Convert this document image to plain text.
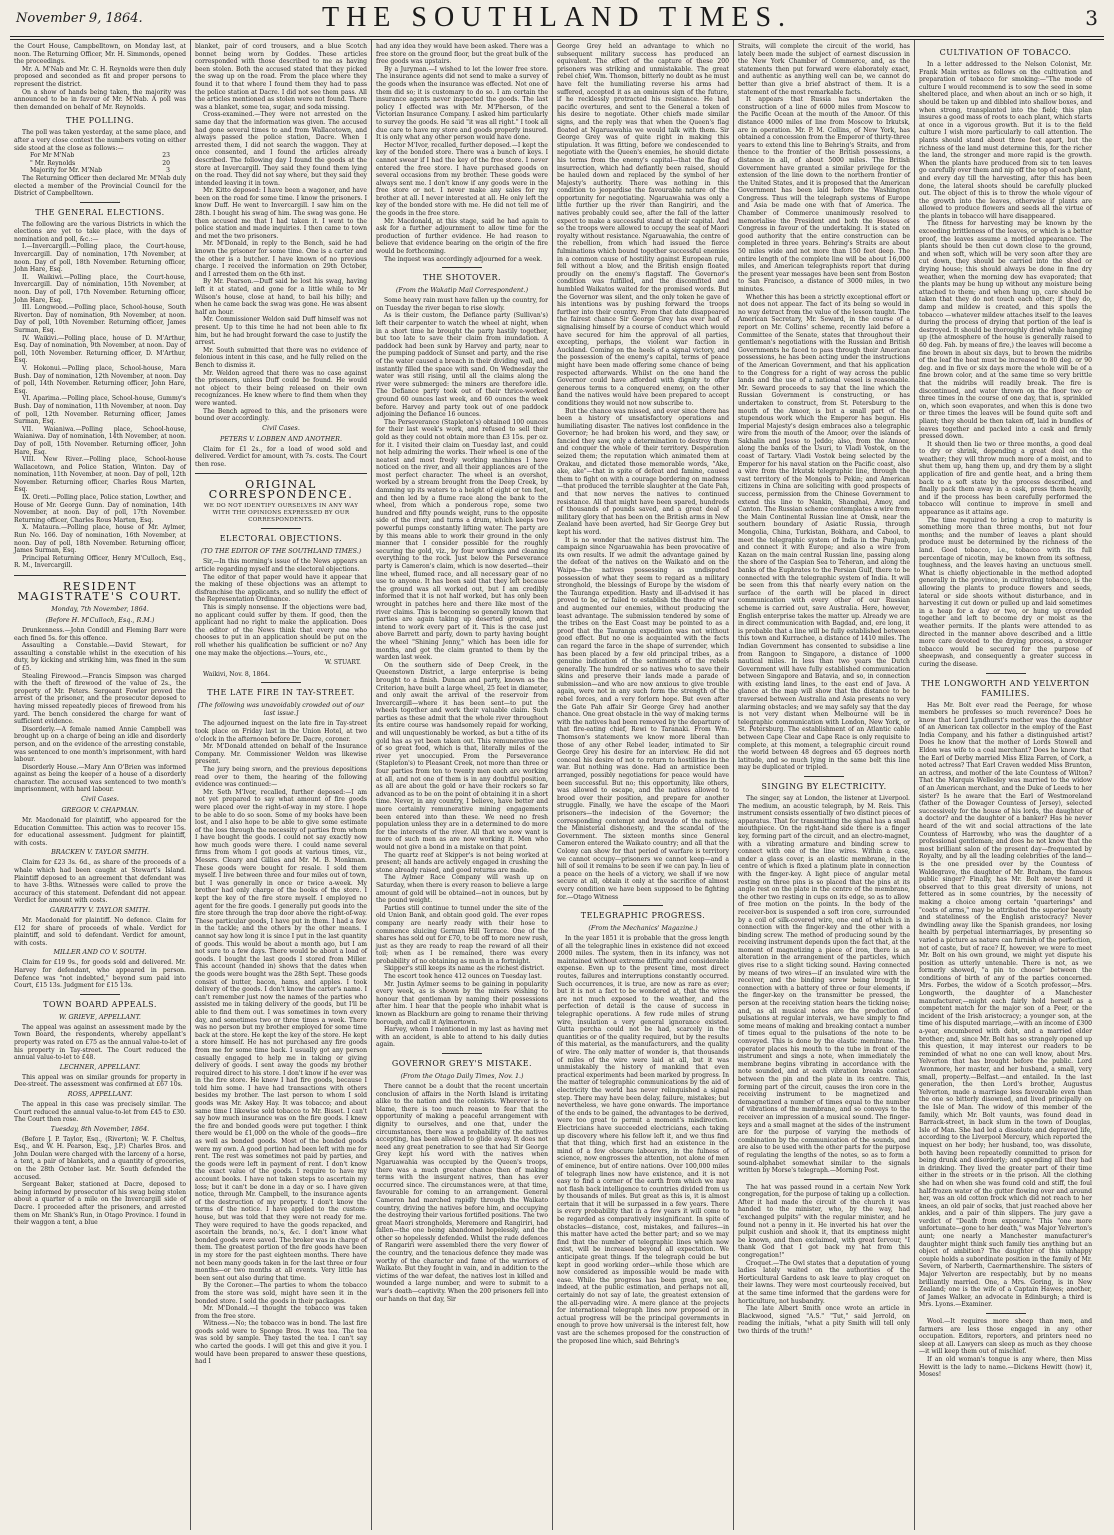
November 9, 1864.	THE SOUTHLAND TIMES.	3

the Court House, Campbelltown, on Monday last, at noon. The Returning Officer, Mr. H. Simmonds, opened the proceedings.

Mr. A. M'Nab and Mr. C. H. Reynolds were then duly proposed and seconded as fit and proper persons to represent the district.

On a show of hands being taken, the majority was announced to be in favour of Mr. M'Nab. A poll was then demanded on behalf of Mr. Reynolds.

THE POLLING.

The poll was taken yesterday, at the same place, and after a very close contest the numbers voting on either side stood at the close as follows:—

For Mr M'Nab	23
" Mr. Reynolds	20
Majority for Mr. M'Nab	3

The Returning Officer then declared Mr. M'Nab duly elected a member of the Provincial Council for the District of Campbelltown.

THE GENERAL ELECTIONS.

The following are the various Districts in which the elections are yet to take place, with the days of nomination and poll, &c.:—

I.—Invercargill.—Polling place, the Court-house, Invercargill. Day of nomination, 17th November, at noon. Day of poll, 18th November. Returning officer, John Hare, Esq.

II. Waikiwi.—Polling place, the Court-house, Invercargill. Day of nomination, 15th November, at noon. Day of poll, 17th November. Returning officer, John Hare, Esq.

III. Longwood.—Polling place, School-house, South Riverton. Day of nomination, 9th November, at noon. Day of poll, 10th November. Returning officer, James Surman, Esq.

IV. Waikivi.—Polling place, house of D. M'Arthur, Esq. Day of nomination, 9th November, at noon. Day of poll, 10th November. Returning officer, D. M'Arthur, Esq.

V. Hokonui.—Polling place, School-house, Mara Bush. Day of nomination, 12th November, at noon. Day of poll, 14th November. Returning officer, John Hare, Esq.

VI. Aparima.—Polling place, School-house, Gummy's Bush. Day of nomination, 11th November, at noon. Day of poll, 12th November. Returning officer, James Surman, Esq.

VII. Waianiwa.—Polling place, School-house, Waianiwa. Day of nomination, 14th November, at noon. Day of poll, 15th November. Returning officer, John Hare, Esq.

VIII. New River.—Polling place, School-house Wallacetown, and Police Station, Winton. Day of nomination, 11th November, at noon. Day of poll, 12th November. Returning officer, Charles Rous Marten, Esq.

IX. Oreti.—Polling place, Police station, Lowther, and House of Mr. George Gunn. Day of nomination, 14th November, at noon. Day of poll, 17th November. Returning officer, Charles Rous Marten, Esq.

X. Mataura.—Polling place, house of Mr. Aylmer, Run No. 166. Day of nomination, 16th November, at noon. Day of poll, 18th November. Returning officer, James Surman, Esq.

Principal Returning Officer, Henry M'Culloch, Esq., R. M., Invercargill.

RESIDENT MAGISTRATE'S COURT.
Monday, 7th November, 1864.
(Before H. M'Culloch, Esq., R.M.)

Drunkenness.—John Condill and Fleming Barr were each fined 5s. for this offence.

Assaulting a Constable.—David Stewart, for assaulting a constable whilst in the execution of his duty, by kicking and striking him, was fined in the sum of £5.

Stealing Firewood.—Francis Simpson was charged with the theft of firewood of the value of 2s., the property of Mr. Peters. Sergeant Fowler proved the arrest of the prisoner, and the prosecutor deposed to having missed repeatedly pieces of firewood from his yard. The bench considered the charge for want of sufficient evidence.

Disorderly.—A female named Annie Campbell was brought up on a charge of being an idle and disorderly person, and on the evidence of the arresting constable, was sentenced to one month's imprisonment, with hard labour.

Disorderly House.—Mary Ann O'Brien was informed against as being the keeper of a house of a disorderly character. The accused was sentenced to two month's imprisonment, with hard labour.

Civil Cases.
GREGOR V. CHAPMAN.

Mr. Macdonald for plaintiff, who appeared for the Education Committee. This action was to recover 15s. for educational assessment. Judgment for plaintiff, with costs.

BRACKEN V. TAYLOR SMITH.

Claim for £23 3s. 6d., as share of the proceeds of a whale which had been caught at Stewart's Island. Plaintiff deposed to an agreement that defendant was to have 3-8ths. Witnesses were called to prove the accuracy of this statement. Defendant did not appear. Verdict for amount with costs.

GARRATTY V. TAYLOR SMITH.

Mr. Macdonald for plaintiff. No defence. Claim for £12 for share of proceeds of whale. Verdict for plaintiff, and sold to defendant. Verdict for amount, with costs.

MILLER AND CO V. SOUTH.

Claim for £19 9s., for goods sold and delivered. Mr. Harvey for defendant, who appeared in person. Defence was "not indebted," beyond sum paid into Court, £15 13s. Judgment for £15 13s.

TOWN BOARD APPEALS.
W. GRIEVE, APPELLANT.

The appeal was against an assessment made by the Town Board, the respondents, whereby appellant's property was rated on £75 as the annual value-to-let of his property in Tay-street. The Court reduced the annual value-to-let to £48.

LECHNER, APPELLANT.

This appeal was on similar grounds for property in Dee-street. The assessment was confirmed at £67 10s.

ROSS, APPELLANT.

The appeal in this case was precisely similar. The Court reduced the annual value-to-let from £45 to £30. The Court then rose.

Tuesday, 8th November, 1864.

(Before J. P. Taylor, Esq., (Riverton); W. F. Cheltus, Esq., and W. H. Pearson, Esq., J.P.) Charles Bros. and John Doulan were charged with the larceny of a horse, a tent, a pair of blankets, and a quantity of groceries, on the 28th October last. Mr. South defended the accused.

Sergeant Baker, stationed at Dacre, deposed to being informed by prosecutor of his swag being stolen about a quarter of a mile on the Invercargill side of Dacre. I proceeded after the prisoners, and arrested them on Mr. Shank's Run, in Otago Province. I found in their waggon a tent, a blue

blanket, pair of cord trousers, and a blue Scotch bonnet being worn by Goddes. These articles corresponded with those described to me as having been stolen. Both the accused stated that they picked the swag up on the road. From the place where they found it to that where I found them they had to pass the police station at Dacre. I did not see them pass. All the articles mentioned as stolen were not found. There was a blanket, some tea, sugar, and soda missing.

Cross-examined.—They were not arrested on the same day that the information was given. The accused had gone several times to and from Wallacetown, and always passed the police station, Dacre. When I arrested them, I did not search the waggon. They at once consented, and I found the articles already described. The following day I found the goods at the store at Invercargill. They said they found them lying on the road. They did not say where, but they said they intended leaving it in town.

Mr. Kitto deposed: I have been a wagoner, and have been on the road for some time. I know the prisoners. I know Duff. He went to Invercargill. I saw him on the 28th. I bought his swag of him. The swag was gone. He then accused me that I had taken it. I went to the police station and made inquiries. I then came to town and met the two prisoners.

Mr. M'Donald, in reply to the Bench, said he had known the prisoner for some time. One is a carter and the other is a butcher. I have known of no previous charge. I received the information on 29th October, and I arrested them on the 6th inst.

By Mr. Pearson.—Duff said he lost his swag, having left it at stated, and gone for a little while to Mr Wilson's house, close at hand, to bail his billy; and when he came back the swag was gone. He was absent half an hour.

Mr. Commissioner Weldon said Duff himself was not present. Up to this time he had not been able to fix him, but he had brought forward the case to justify the arrest.

Mr. South submitted that there was no evidence of felonious intent in this case, and he fully relied on the Bench to dismiss it.

Mr. Weldon agreed that there was no case against the prisoners, unless Duff could be found. He would not object to their being released on their own recognizances. He knew where to find them when they were wanted.

The Bench agreed to this, and the prisoners were bound over accordingly.

Civil Cases.
PETERS V. LOBBEN AND ANOTHER.

Claim for £1 2s., for a load of wood sold and delivered. Verdict for amount, with 7s. costs. The Court then rose.

ORIGINAL CORRESPONDENCE.
WE DO NOT IDENTIFY OURSELVES IN ANY WAY WITH THE OPINIONS EXPRESSED BY OUR CORRESPONDENTS.
ELECTORAL OBJECTIONS.
(TO THE EDITOR OF THE SOUTHLAND TIMES.)

Sir,—In this morning's issue of the News appears an article regarding myself and the electoral objections.

The editor of that paper would have it appear that the making of these objections was an attempt to disfranchise the applicants, and so nullify the effect of the Representation Ordinance.

This is simply nonsense. If the objections were bad, no applicant could suffer by them. If good, then the applicant had no right to make the application. Does the editor of the News think that every one who chooses to put in an application should be put on the roll whether his qualification be sufficient or no? Any one may make the objections.—Yours, etc.,

W. STUART.

Waikivi, Nov. 8, 1864.

THE LATE FIRE IN TAY-STREET.
[The following was unavoidably crowded out of our last issue.]

The adjourned inquest on the late fire in Tay-street took place on Friday last in the Union Hotel, at two o'clock in the afternoon before Dr. Dacre, coroner.

Mr. M'Donald attended on behalf of the Insurance Company. Mr. Commissioner Weldon was likewise present.

The jury being sworn, and the previous depositions read over to them, the hearing of the following evidence was continued:—

Mr. Seth M'Ivor, recalled, further deposed:—I am not yet prepared to say what amount of fire goods were placed over the right-of-way in my store. I hope to be able to do so soon. Some of my books have been lost, and I also hope to be able to give some estimate of the loss through the necessity of parties from whom I have bought the goods. I could not say exactly now how much goods were there. I could name several firms from whom I got goods at various times, viz., Messrs. Cleary and Gillies and Mr. M. B. Monkman. These goods were bought for resale. I sold them myself. I live between three and four miles out of town, but I was generally in once or twice a-week. My brother had only charge of the books of the store. I kept the key of the fire store myself. I employed no agent for the fire goods. I generally put goods into the fire store through the trap door above the right-of-way. These particular goods, I have put in them. I had a few in the tackle; and the others by the other means. I cannot say how long it is since I put in the last quantity of goods. This would be about a month ago, but I am not sure to a few days. There would be about a load of goods. I bought the last goods I stored from Miller. This account (handed in) shows that the dates when the goods were bought was the 28th Sept. These goods consist of butter, bacon, hams, and apples. I took delivery of the goods. I don't know the carter's name. I can't remember just now the names of the parties who assisted me in taking delivery of the goods, but I'll be able to find them out. I was sometimes in town every day, and sometimes two or three times a week. There was no person but my brother employed for some time back at the store. He kept the key of the store. He kept a store himself. He has not purchased any fire goods from me for some time back. I usually got any person casually engaged to help me in taking or giving delivery of goods. I sent away the goods my brother required direct to his store. I don't know if he ever was in the fire store. He knew I had fire goods, because I told him some. I have had transactions with others besides my brother. The last person to whom I sold goods was Mr. Askey Hay. It was tobacco; and about same time I likewise sold tobacco to Mr. Bisset. I can't say how much insurance was on the fire goods. I knew the fire and bonded goods were put together. I think there would be £1,000 on the whole of the goods—fire as well as bonded goods. Most of the bonded goods were my own. A good portion had been left with me for rent. The rest was sometimes not paid by parties, and the goods were left in payment of rent. I don't know the exact value of the goods. I require to have my account books. I have not taken steps to ascertain my loss; but it can't be done in a day or so. I have given notice, through Mr. Campbell, to the insurance agents of the destruction of my property. I don't know the terms of the notice. I have applied to the custom-house, but was told that they were not ready for me. They were required to have the goods repacked, and ascertain the brands, no.'s, &c. I don't know what bonded goods were saved. The broker was in charge of them. The greatest portion of the fire goods have been in my store for the past eighteen months. There have not been many goods taken in for the last three or four months—or two months at all events. Very little has been sent out also during that time.

By the Coroner.—The parties to whom the tobacco from the store was sold, might have seen it in the bonded store. I sold the goods in their packages.

Mr. M'Donald.—I thought the tobacco was taken from the free store.

Witness.—No; the tobacco was in bond. The last fire goods sold were to Sponge Bros. It was tea. The tea was sold by sample. They tasted the tea. I can't say who carted the goods. I will get this and give it you. I would have been prepared to answer these questions, had I

had any idea they would have been asked. There was a free store on the ground floor, but the great bulk of the free goods was upstairs.

By a Juryman.—I wished to let the lower free store. The insurance agents did not send to make a survey of the goods when the insurance was effected. Not one of them did so; it is customary to do so. I am certain the insurance agents never inspected the goods. The last policy I effected was with Mr. M'Pherson, of the Victorian Insurance Company. I asked him particularly to survey the goods. He said "it was all right." I took all due care to have my store and goods properly insured. It is only what any other person would have done.

Hector M'Ivor, recalled, further deposed.—I kept the key of the bonded store. There was a bunch of keys. I cannot swear if I had the key of the free store. I never entered the free store. I have purchased goods on several occasions from my brother. These goods were always sent me. I don't know if any goods were in the free store or not. I never make any sales for my brother at all. I never interested at all. He only left the key of the bonded store with me. He did not tell me of the goods in the free store.

Mr. Macdonald, at this stage, said he had again to ask for a further adjournment to allow time for the production of further evidence. He had reason to believe that evidence bearing on the origin of the fire would be forthcoming.

The inquest was accordingly adjourned for a week.

THE SHOTOVER.
(From the Wakatip Mail Correspondent.)

Some heavy rain must have fallen up the country, for on Tuesday the river began to rise slowly.

As is their custom, the Defiance party (Sullivan's) left their carpenter to watch the wheel at night, when in a short time he brought the party hastily together, but too late to save their claim from inundation. A paddock had been sunk by Harvey and party, near to the pumping paddock of Sunset and party, and the rise of the water caused a breach in their dividing wall, and instantly filled the space with sand. On Wednesday the water was still rising, until all the claims along the river were submerged: the miners are therefore idle. The Defiance party took out of their thrice-worked ground 60 ounces last week, and 60 ounces the week before. Harvey and party took out of one paddock adjoining the Defiance 16 ounces.

The Perseverance (Stapleton's) obtained 100 ounces for their last week's work, and refused to sell their gold as they could not obtain more than £3 15s. per oz. for it. I visited their claim on Tuesday last, and could not help admiring the works. Their wheel is one of the neatest and most freely working machines I have noticed on the river, and all their appliances are of the most perfect character. The wheel is an overshot, worked by a stream brought from the Deep Creek, by damming up its waters to a height of eight or ten feet, and then led by a flume race along the bank to the wheel, from which a ponderous rope, some two hundred and fifty pounds weight, runs to the opposite side of the river, and turns a drum, which keeps two powerful pumps constantly lifting water. The party are by this means able to work their ground in the only manner that I consider possible for the roughly securing the gold, viz., by four workings and cleaning everything to the rock. Just below the Perseverance party is Cameron's claim, which is now deserted—their line wheel, flumed race, and all necessary gear of no use to anyone. It has been said that they left because the ground was all worked out, but I am credibly informed that it is not half worked, but has only been wrought in patches here and there like most of the river claims. This is becoming so generally known that parties are again taking up deserted ground, and intend to work every part of it. This is the case just above Barrett and party, down to party having bought the wheel "Shining Jenny," which has been idle for months, and got the claim granted to them by the warden last week.

On the southern side of Deep Creek, in the Queenstown District, a large enterprise is being brought to a finish. Duncan and party, known as the Criterion, have built a large wheel, 25 feet in diameter, and only await the arrival of the reservoir from Invercargill—where it has been sent—to put the wheels together and work their valuable claim. Such parties as these admit that the whole river throughout its entire course was handsomely repaid for working, and will unquestionably be worked, as but a tithe of its gold has as yet been taken out. This remunerative use of so great food, which is that, literally miles of the river yet unoccupied. From the Perseverance (Stapleton's) to Pleasant Creek, not more than three or four parties from ten to twenty men each are working at all, and not one of them is in any doubtful position, as all are about the gold or have their rockers so far advanced as to be on the point of obtaining it in a short time. Never, in any country, I believe, have better and more certainly remunerative mining engagements been entered into than these. We need no fresh population unless they are in a determined to do more for the interests of the river. All that we now want is more of such men as are now working it. Men who would not give a bond in a mistake on that point.

The quartz reef at Skipper's is not being worked at present; all hands are actively engaged in crushing the stone already raised, and good returns are made.

The Aylmer Race Company will wash up on Saturday, when there is every reason to believe a large amount of gold will be obtained—not in ounces, but by the pound weight.

Parties still continue to tunnel under the site of the old Union Bank, and obtain good gold. The ever ropes company are nearly ready with their hose to commence sluicing German Hill Terrace. One of the shares has sold out for £70, to be off to more new rush, just as they are ready to reap the reward of all their toil; when as I be remained, there was every probability of no obtaining as much in a fortnight.

Skipper's still keeps its name as the richest district.

The escort took hence 412 ounces on Tuesday last.

Mr. Justin Aylmer seems to be gaining in popularity every week, as is shown by the miners wishing to honour that gentleman by naming their possessions after him. I hear that the people who inhabit what is known as Blackburn are going to rename their thriving borough, and call it Aylmertown.

Harvey, whom I mentioned in my last as having met with an accident, is able to attend to his daily duties again.

GOVERNOR GREY'S MISTAKE.
(From the Otago Daily Times, Nov. 1.)

There cannot be a doubt that the recent uncertain conclusion of affairs in the North Island is irritating alike to the nation and the colonists. Wherever is to blame, there is too much reason to fear that the opportunity of making a peaceful arrangement with dignity to ourselves, and one that, under the circumstances, there was a probability of the natives accepting, has been allowed to glide away. It does not need any great penetration to see that had Sir George Grey kept his word with the natives when Ngaruawahia was occupied by the Queen's troops, there was a much greater chance then of making terms with the insurgent natives, than has ever occurred since. The circumstances were, at that time, favourable for coming to an arrangement. General Cameron had marched rapidly through the Waikato country, driving the natives before him, and occupying the destroying their various fortified positions. The two great Maori strongholds, Meremere and Rangiriri, had fallen—the one being abandoned hopelessly, and the other so hopelessly defended. Whilst the rude defences of Rangariri were assembled there the very flower of the country, and the tenacious defence they made was worthy of the character and fame of the warriors of Waikato. But they fought in vain, and in addition to the victims of the war defeat, the natives lost in killed and wounded a large number, and were to submit to a war's death—captivity. When the 200 prisoners fell into our hands on that day, Sir

George Grey held an advantage to which no subsequent military success has produced an equivalent. The effect of the capture of these 200 prisoners was striking and unmistakable. The great rebel chief, Wm. Thomson, bitterly no doubt as he must have felt the humiliating reverse his arms had suffered, accepted it as an ominous sign of the future, if he recklessly protracted his resistance. He had pacific overtures, and sent to the General a token of his desire to negotiate. Other chiefs made similar signs, and the reply was that when the Queen's flag floated at Ngaruawahia we would talk with them. Sir George Grey was of quite right in making this stipulation. It was fitting, before we condescended to negotiate with the Queen's enemies, he should dictate his terms from the enemy's capital—that the flag of insurrection, which had defiantly been raised, should be hauled down and replaced by the symbol of her Majesty's authority. There was nothing in this condition to jeopardise the favourable nature of the opportunity for negotiating. Ngaruawahia was only a little further up the river than Rangiriri, and the natives probably could see, after the fall of the latter expect to make a successful stand at their capital. And so the troops were allowed to occupy the seat of Maori royalty without resistance. Ngaruawahia, the centre of the rebellion, from which had issued the fierce fulminations which bound together successful enemies in a common cause of hostility against European rule, fell without a blow, and the British ensign floated proudly on the enemy's flagstaff. The Governor's condition was fulfilled, and the discomfited and humbled Waikatos waited for the promised words. But the Governor was silent, and the only token he gave of his intentions was by pushing forward the troops further into their country. From that date disappeared the fairest chance Sir George Grey has ever had of signalising himself by a course of conduct which would have secured for him the approval of all parties, excepting, perhaps, the violent war faction in Auckland. Coming on the heels of a signal victory, and the possession of the enemy's capital, terms of peace might have been made offering some chance of being respected afterwards. Whilst on the one hand the Governor could have afforded with dignity to offer generous terms to a conquered enemy, on the other hand the natives would have been prepared to accept conditions they would not now subscribe to.

But the chance was missed, and ever since there has been a history of unsatisfactory operations and humiliating disaster. The natives lost confidence in the Governor; he had broken his word, and they saw, or fancied they saw, only a determination to destroy them and conquer the whole of their territory. Desperation seized them; the reputation which animated them at Orakau, and dictated those memorable words, "Ake, ake, ake"—that in spite of defeat and famine, caused them to fight on with a courage bordering on madness—that produced the terrible slaughter at the Gate Pah, and that now nerves the natives to continued resistance. All that might have been spared, hundreds of thousands of pounds saved, and a great deal of military glory that has been on the British arms in New Zealand have been averted, had Sir George Grey but kept his word.

It is no wonder that the natives distrust him. The campaign since Ngaruawahia has been provocative of its own results. If we admit the advantage gained by the defeat of the natives on the Waikato and on the Waipa—the natives possessing as undisputed possession of what they seem to regard as a military stronghold, the blessings of Europe by the wisdom of the Tauranga expedition. Hasty and ill-advised it has proved to be, or failed to establish the theatre of war and augmented our enemies, without producing the least advantage. The submission tendered by some of the tribes on the East Coast may be pointed to as a proof that the Tauranga expedition was not without good effect. But no one is acquainted with the facts can regard the farce in the shape of surrender, which has been placed by a few old principal tribes, as a genuine indication of the sentiments of the rebels generally. The hundred or so natives who to save their skins and preserve their lands made a parade of submission—and who are now anxious to give trouble again, were not in any such form the strength of the rebel forces, and a very forlorn hope. But even after the Gate Pah affair Sir George Grey had another chance. One great obstacle in the way of making terms with the natives had been removed by the departure of that fire-eating chief, Rewi to Taranaki. From Wm. Thomson's statements we know more liberal than those of any other Rebel leader, intimated to Sir George Grey his desire for an interview. He did not conceal his desire of not to return to hostilities in the war. But nothing was done. Had an armistice been arranged, possibly negotiations for peace would have been successful. But no; this opportunity, like others, was allowed to escape, and the natives allowed to brood over their position, and prepare for another struggle. Finally, we have the escape of the Maori prisoners—the indecision of the Governor; the corresponding contempt and bravado of the natives; the Ministerial dishonesty, and the scandal of the Government. The sixteen months since General Cameron entered the Waikato country; and all that the Colony can show for that period of warfare is territory we cannot occupy—prisoners we cannot keep—and a hill of soil it remains to be seen if we can pay. In lieu of a peace on the heels of a victory, we shall if we now secure at all, obtain it only at the sacrifice of almost every condition we have been supposed to be fighting for.—Otago Witness

TELEGRAPHIC PROGRESS.
(From the Mechanics' Magazine.)

In the year 1851 it is probable that the gross length of all the telegraphic lines in existence did not exceed 2000 miles. The system, then in its infancy, was not maintained without extreme difficulty and considerable expense. Even up to the present time, most direct routes, failures and interruptions constantly occurred. Such occurrences, it is true, are now as rare as ever; but it is not a fact to be wondered at, that the wires are not much exposed to the weather, and the perfection of detail is the cause of success in telegraphic operations. A few rude miles of strung wire, insulation a very general ignorance existed. Gutta percha could not be had, scarcely in the quantities or of the quality required, but by the results of this material, as the manufacturers, and the quality of wire. The only matter of wonder is, that thousands of miles of the wire were laid at all, but it was unmistakably the history of mankind that even practical experiments had been marked by progress. In the matter of telegraphic communications by the aid of electricity the world has never relinquished a signal step. There may have been delay, failure, mistakes; but nevertheless, we have gone onwards. The importance of the ends to be gained, the advantages to be derived, were too great to permit a moment's misdirection. Electricians have succeeded electricians, each taking up discovery where his fellow left it, and we thus find that that thing, which first had an existence in the mind of a few obscure labourers, in the fulness of science, now engrosses the attention, not alone of men of eminence, but of entire nations. Over 100,000 miles of telegraph lines now have existence, and it is not easy to find a corner of the earth from which we may not flash back intelligence to countries divided from us by thousands of miles. But great as this is, it is almost certain that it will be surpassed in a few years. There is every probability that in a few years it will come to be regarded as comparatively insignificant. In spite of obstacles—distance, cost, mistakes, and failures—in this matter have acted the better part; and so we may find that the number of telegraphic lines which now exist, will be increased beyond all expectation. We anticipate great things. If the telegraph could be but kept in good working order—while those which are now considered as impossible would be made with ease. While the progress has been great, we see, indeed, at the public estimation, and perhaps not all, certainly do not say of late, the greatest extension of the all-pervading wire. A mere glance at the projects for international telegraph lines now proposed or in actual progress will be the principal governments in enough to prove how universal is the interest felt, how vast are the schemes proposed for the construction of the proposed line which, said Behring's

Straits, will complete the circuit of the world, has lately been made the subject of earnest discussion in the New York Chamber of Commerce, and, as the statements then put forward were elaborately exact, and authentic as anything well can be, we cannot do better than give a brief abstract of them. It is a statement of the most remarkable facts.

It appears that Russia has undertaken the construction of a line of 6000 miles from Moscow to the Pacific Ocean at the mouth of the Amoor. Of this distance 4000 miles of line from Moscow to Irkutsk, are in operation. Mr. P. M. Collins, of New York, has obtained a concession from the Emperor of thirty-three years to extend this line to Behring's Straits, and from thence to the frontier of the British possessions, a distance in all, of about 5000 miles. The British Government have granted a similar privilege for the extension of the line down to the northern frontier of the United States, and it is proposed that the American Government has been laid before the Washington Congress. Thus will the telegraph systems of Europe and Asia be made one with that of America. The Chamber of Commerce unanimously resolved to memorialise the President and both the Houses of Congress in favour of the undertaking. It is stated on good authority that the entire construction can be completed in three years. Behring's Straits are about 50 miles wide and not more than 150 feet deep. The entire length of the complete line will be about 16,000 miles, and American telegraphists report that during the present year messages have been sent from Boston to San Francisco, a distance of 3000 miles, in two minutes.

Whether this has been a strictly exceptional effort or not does not appear. The fact of its being so would in no way detract from the value of the lesson taught. The American Secretary, Mr. Seward, in the course of a report on Mr. Collins' scheme, recently laid before a Committee of the Senate, states that throughout their gentleman's negotiations with the Russian and British Governments he faced to pass through their American possessions, he has been acting under the instructions of the American Government, and that his application to the Congress for a right of way across the public lands and the use of a national vessel is reasonable. Mr. Seward proceeds to say that the line which the Russian Government is constructing, or has undertaken to construct, from St. Petersburg to the mouth of the Amoor, is but a small part of the stupendous work which the Emperor has begun. His Imperial Majesty's design embraces also a telegraphic wire from the mouth of the Amoor, over the islands of Sakhalin and Jesso to Jeddo; also, from the Amoor, along the banks of the Usuri, to Vladi Vostok, on the coast of Tartary. Vladi Vostok being selected by the Emperor for his naval station on the Pacific coast, also a wire from the Irkutsk telegraphic line, through the vast territory of the Mongols to Pekin; and American citizens in China are soliciting with good prospects of success, permission from the Chinese Government to extend this line to Nankin, Shanghai, Amoy, and Canton. The Russian scheme contemplates a wire from the Main Continental Russian line at Omsk, near the southern boundary of Asiatic Russia, through Mongolia, China, Turkistan, Bokhara, and Cabool, to meet the telegraphic system of India in the Punjaub, and connect it with Europe; and also a wire from Kazan on the main central Russian line, passing along the shore of the Caspian Sea to Teheran, and along the banks of the Euphrates to the Persian Gulf, there to be connected with the telegraphic system of India. It will be seen from this that nearly every nation on the surface of the earth will be placed in direct communication with every other of our Russian scheme is carried out, save Australia. Here, however, English enterprise takes the matter up. Already we are in direct communication with Bagdad, and, ere long, it is probable that a line will be fully established between this town and Kurrachee, a distance of 1410 miles. The Indian Government has consented to subsidise a line from Rangoon to Singapore, a distance of 1000 nautical miles. In less than two years the Dutch Government will have fully established communication between Singapore and Batavia, and so, in connection with existing land lines, to the east end of Java. A glance at the map will show that the distance to be traversed between Australia and Asia presents no very alarming obstacles; and we may safely say that the day is not very distant when Melbourne will be in telegraphic communication with London, New York, or St. Petersburg. The establishment of an Atlantic cable between Cape Clear and Cape Race is only requisite to complete, at this moment, a telegraphic circuit round the world between 48 degrees and 65 degrees north latitude, and so much lying in the same belt this line may be duplicated or tripled.

SINGING BY ELECTRICITY.

The singer, say at London, the listener at Liverpool. The medium, an acoustic telegraph, by M. Reis. This instrument consists essentially of two distinct pieces of apparatus. That for transmitting the signal has a small mouthpiece. On the right-hand side there is a finger key, forming part of the circuit, and an electro-magnet, with a vibrating armature and binding screw to connect with one of the line wires. Within a case, under a glass cover, is an elastic membrane, in the centre of which is fixed a platinum plate in connection with the finger-key. A light piece of angular metal resting on three pins is so placed that the pins at its angle rest on the plate in the centre of the membrane, the other two resting in cups on its edge, so as to allow of free motion on the points. In the body of the receiver-box is suspended a soft iron core, surrounded by a coil of silk-covered wire, one end of which is in connection with the finger-key and the other with a binding screw. The method of producing sound by the receiving instrument depends upon the fact that, at the moment of magnetizing a piece of iron, there is an alteration in the arrangement of the particles, which gives rise to a slight ticking sound. Having connected by means of two wires—if an insulated wire with the receiver, and the binding screw being brought in connection with a battery of three or four elements, if the finger-key on the transmitter be pressed, the person at the receiving station hears the ticking noise; and, as all musical notes are the production of pulsations at regular intervals, we have simply to find some means of making and breaking contact a number of times equal to the pulsations of the note to be conveyed. This is done by the elastic membrane. The operator places his mouth to the tube in front of the instrument and sings a note, when immediately the membrane begins vibrating in accordance with the note sounded, and at each vibration breaks contact between the pin and the plate in its centre. This, forming part of the circuit, causes the iron core in the receiving instrument to be magnetized and demagnetized a number of times equal to the number of vibrations of the membrane, and so conveys to the receiver an impression of a musical sound. The finger-keys and a small magnet at the sides of the instrument are for the purpose of varying the methods of combination by the communication of the sounds, and are also to be used with the other parts for the purpose of regulating the lengths of the notes, so as to form a sound-alphabet somewhat similar to the signals written by Morse's telegraph.—Morning Post.

The hat was passed round in a certain New York congregation, for the purpose of taking up a collection. After it had made the circuit of the church it was handed to the minister, who, by the way, had "exchanged pulpits" with the regular minister, and he found not a penny in it. He inverted his hat over the pulpit cushion and shook it, that its emptiness might be known, and then exclaimed, with great fervour, "I thank God that I got back my hat from this congregation!"

Croquet.—The Owl states that a deputation of young ladies lately waited on the authorities of the Horticultural Gardens to ask leave to play croquet on their lawns. They were most courteously received, but at the same time informed that the gardens were for horticulture, not husbandry.

The late Albert Smith once wrote an article in Blackwood, signed "A.S." "Tut," said Jerrold, on reading the initials, "what a pity Smith will tell only two thirds of the truth!"

CULTIVATION OF TOBACCO.

In a letter addressed to the Nelson Colonist, Mr. Frank Main writes as follows on the cultivation and preparation of tobacco for smoking:—"The mode of culture I would recommend is to sow the seed in some sheltered place, and when about an inch or so high, it should be taken up and dibbled into shallow boxes, and when strong, transplanted into the field; this plan insures a good mass of roots to each plant, which starts at once in a vigorous growth. But it is to the field culture I wish more particularly to call attention. The plants should stand about three feet apart, but the richness of the land must determine this, for the richer the land, the stronger and more rapid is the growth. When the plants have produced from six to ten leaves go carefully over them and nip off the top of each plant, and every day till the harvesting, after this has been done, the lateral shoots should be carefully plucked out. The object of this is to throw the whole vigour of the growth into the leaves, otherwise if plants are allowed to produce flowers and seeds all the virtue of the plants in tobacco will have disappeared.

The fitness for harvesting may be known by the exceeding brittleness of the leaves, or which is a better proof, the leaves assume a mottled appearance. The plants should be then cut down close to the ground, and when soft, which will be very soon after they are cut down, they should be carried into the shed or drying house; this should always be done in fine dry weather, when the morning dew has evaporated; that the plants may be hung up without any moisture being attached to them; and when hung up, care should be taken that they do not touch each other; if they do, damp and mildew is created, and this spoils the tobacco —whatever mildew attaches itself to the leaves during the process of drying that portion of the leaf is destroyed. It should be thoroughly dried while hanging up (the atmosphere of the house is generally raised to 60 deg. Fah. by means of fire,) the leaves will become a fine brown in about six days, but to brown the midribs of the leaf the heat must be increased to 80 deg. or 90 deg. and in five or six days more the whole will be of a fine brown color, and at the same time so very brittle that the midribs will readily break. The fire is discontinued, and water thrown on the floor two or three times in the course of one day, that is, sprinkled on, which soon evaporates, and when this is done two or three times the leaves will be found quite soft and pliant; they should be then taken off, laid in bundles of leaves together and packed into a cask and firmly pressed down.

It should then lie two or three months, a good deal to dry or shrink, depending a great deal on the weather; they will throw much more of a moist, and to shut them up, hang them up, and dry them by a slight application of fire and gentle heat, and a bring them back to a soft state by the process described, and finally pack them away in a cask, press them heavily, and if the process has been carefully performed the tobacco will continue to improve in smell and appearance as it attains age.

The time required to bring a crop to maturity is something more than three months, but not four months; and the number of leaves a plant should produce must be determined by the richness of the land. Good tobacco, i.e., tobacco with its full percentage of nicotin, may be known from its softness, toughness, and the leaves having an unctuous smell. What is chiefly objectionable in the method adopted generally in the province, in cultivating tobacco, is the allowing the plants to produce flowers and seeds, lateral or side shoots without disturbance, and in harvesting it cut down or pulled up and laid sometimes in a heap for a day or two, or hung up crowded together and left to become dry or moist as the weather permits. If the plants were attended to as directed in the manner above described and a little more care devoted to the drying process, a stronger tobacco would be secured for the purpose of sheepwash, and consequently a greater success in curing the disease.

THE LONGWORTH AND YELVERTON FAMILIES.

Has Mr. Bolt ever read the Peerage, for whose members he professes so much reverence? Does he know that Lord Lyndhurst's mother was the daughter of an American tax collector in the employ of the East India Company, and his father a distinguished artist? Does he know that the mother of Lords Stowell and Eldon was wife to a coal merchant? Does he know that the Earl of Derby married Miss Eliza Farren, of Cork, a noted actress? That Earl Craven wedded Miss Brunton, an actress, and mother of the late Countess of Wilton? That the Marquis Wellesley was married to the widow of an American merchant, and the Duke of Leeds to her sister? Is he aware that the Earl of Westmoreland (father of the Dowager Countess of Jersey), selected successively for the house of his lords, the daughter of a doctor? and the daughter of a banker? Has he never heard of the wit and social attractions of the late Countess of Harrowby, who was the daughter of a professional gentleman; and does he not know that the most brilliant salon of the present day—frequented by Royalty, and by all the leading celebrities of the land—is the one presided over by the Countess of Waldegrave, the daughter of Mr. Braham, the famous public singer? Finally, has Mr. Bolt never heard it observed that to this great diversity of unions, not fettered as in some countries, by the necessity of making a choice among certain "quarterings" and "coats of arms," may be attributed the superior beauty and stateliness of the English aristocracy? Never dwindling away like the Spanish grandees, nor losing health by perpetual intermarriages, by presenting so varied a picture as nature can furnish of the perfection, not of caste, but of race? If, however, we were to meet Mr. Bolt on his own ground, we might yet dispute his position as utterly untenable. There is not, as we formerly showed, "a pin to choose" between the conditions of birth of any of the parties concerned. Mrs. Forbes, the widow of a Scotch professor,—Mrs. Longworth, the daughter of a Manchester manufacturer,—might each fairly hold herself as a competent match for the major son of a Peer, or the incident of the Irish aristocracy; a younger son, at the time of his disputed marriage,—with an income of £300 a-year, encumbered with debt, and a married elder brother; and, since Mr. Bolt has so strangely opened up this question, it may interest our readers to be reminded of what no one can well know, about Mrs. Yelverton that has brought before the public. Lord Avonmore, her master, and her husband, a small, very small, property.—Belfast.—and entailed. In the last generation, the then Lord's brother, Augustus Yelverton, made a marriage less favourable even than the one so bitterly disowned, and lived principally on the Isle of Man. The widow of this member of the family, which Mr. Bolt vaunts, was found dead in Barrack-street, in back slum in the town of Douglas, Isle of Man. She had led a dissolute and depraved life, according to the Liverpool Mercury, which reported the inquest on her body; her husband, too, was dissolute, both having been repeatedly committed to prison for being drunk and disorderly; and spending all they had in drinking. They lived the greater part of their time either in the streets or in the prison. All the clothing she had on when she was found cold and stiff, the foul half-frozen water of the gutter flowing over and around her, was an old cotton frock which did not reach to her knees, an old pair of socks, that just reached above her ankles, and a pair of thin slippers. The jury gave a verdict of "Death from exposure." This "one more unfortunate—gone to her death," was Major Yelverton's aunt; one nearly a Manchester manufacturer's daughter might think such family ties anything but an object of ambition? The daughter of this unhappy couple holds a subordinate position in the family of Mr. Severn, of Narberth, Caermarthenshire. The sisters of Major Yelverton are respectably, but by no means brilliantly married. One, a Mrs. Goring, is in New Zealand; one is the wife of a Captain Hawes; another, of James Walker, an advocate in Edinburgh; a third is Mrs. Lyons.—Examiner.

Wool.—It requires more sheep than men, and farmers are less those engaged in any other occupation. Editors, reporters, and printers need no sleep at all. Lawyers can sleep as much as they choose—it will keep them out of mischief.

If an old woman's tongue is any where, then Miss Hewitt is the lady to name.—Dickens Hewitt (how) it, Moses!
